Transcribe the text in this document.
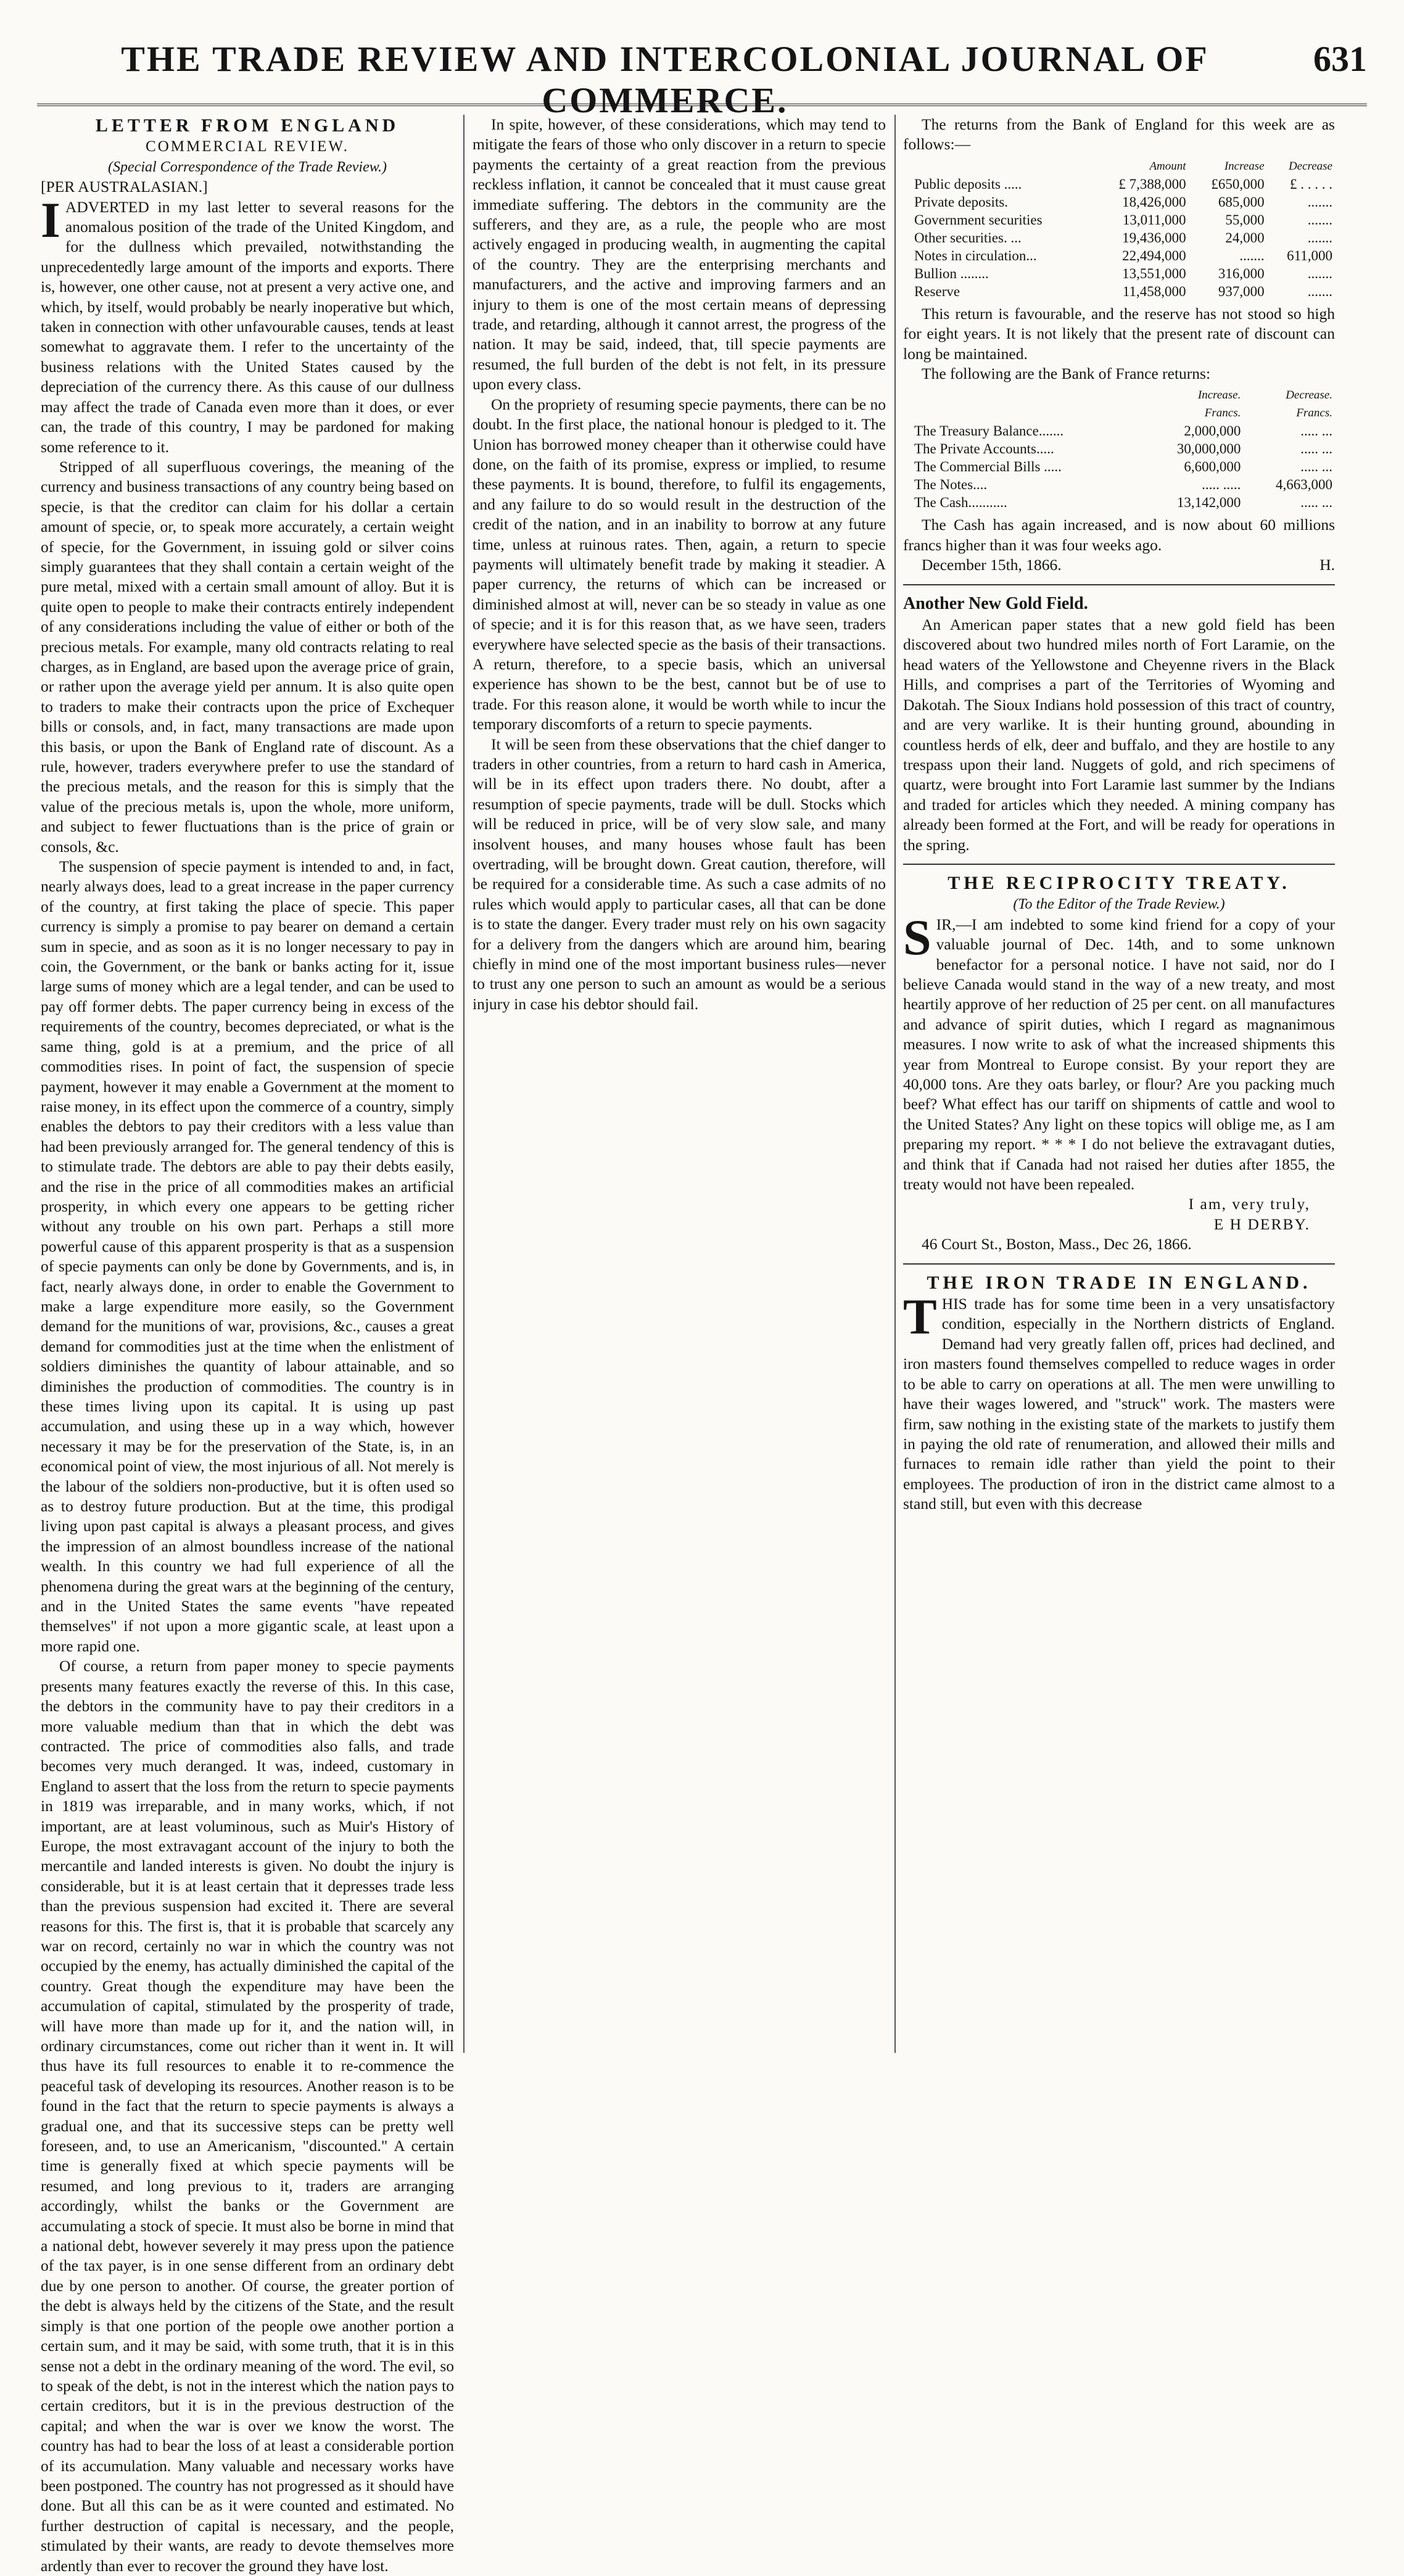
THE TRADE REVIEW AND INTERCOLONIAL JOURNAL OF COMMERCE.
631
LETTER FROM ENGLAND
COMMERCIAL REVIEW.
(Special Correspondence of the Trade Review.)

[PER AUSTRALASIAN.]

IADVERTED in my last letter to several reasons for the anomalous position of the trade of the United Kingdom, and for the dullness which prevailed, notwithstanding the unprecedentedly large amount of the imports and exports. There is, however, one other cause, not at present a very active one, and which, by itself, would probably be nearly inoperative but which, taken in connection with other unfavourable causes, tends at least somewhat to aggravate them. I refer to the uncertainty of the business relations with the United States caused by the depreciation of the currency there. As this cause of our dullness may affect the trade of Canada even more than it does, or ever can, the trade of this country, I may be pardoned for making some reference to it.

Stripped of all superfluous coverings, the meaning of the currency and business transactions of any country being based on specie, is that the creditor can claim for his dollar a certain amount of specie, or, to speak more accurately, a certain weight of specie, for the Government, in issuing gold or silver coins simply guarantees that they shall contain a certain weight of the pure metal, mixed with a certain small amount of alloy. But it is quite open to people to make their contracts entirely independent of any considerations including the value of either or both of the precious metals. For example, many old contracts relating to real charges, as in England, are based upon the average price of grain, or rather upon the average yield per annum. It is also quite open to traders to make their contracts upon the price of Exchequer bills or consols, and, in fact, many transactions are made upon this basis, or upon the Bank of England rate of discount. As a rule, however, traders everywhere prefer to use the standard of the precious metals, and the reason for this is simply that the value of the precious metals is, upon the whole, more uniform, and subject to fewer fluctuations than is the price of grain or consols, &c.

The suspension of specie payment is intended to and, in fact, nearly always does, lead to a great increase in the paper currency of the country, at first taking the place of specie. This paper currency is simply a promise to pay bearer on demand a certain sum in specie, and as soon as it is no longer necessary to pay in coin, the Government, or the bank or banks acting for it, issue large sums of money which are a legal tender, and can be used to pay off former debts. The paper currency being in excess of the requirements of the country, becomes depreciated, or what is the same thing, gold is at a premium, and the price of all commodities rises. In point of fact, the suspension of specie payment, however it may enable a Government at the moment to raise money, in its effect upon the commerce of a country, simply enables the debtors to pay their creditors with a less value than had been previously arranged for. The general tendency of this is to stimulate trade. The debtors are able to pay their debts easily, and the rise in the price of all commodities makes an artificial prosperity, in which every one appears to be getting richer without any trouble on his own part. Perhaps a still more powerful cause of this apparent prosperity is that as a suspension of specie payments can only be done by Governments, and is, in fact, nearly always done, in order to enable the Government to make a large expenditure more easily, so the Government demand for the munitions of war, provisions, &c., causes a great demand for commodities just at the time when the enlistment of soldiers diminishes the quantity of labour attainable, and so diminishes the production of commodities. The country is in these times living upon its capital. It is using up past accumulation, and using these up in a way which, however necessary it may be for the preservation of the State, is, in an economical point of view, the most injurious of all. Not merely is the labour of the soldiers non-productive, but it is often used so as to destroy future production. But at the time, this prodigal living upon past capital is always a pleasant process, and gives the impression of an almost boundless increase of the national wealth. In this country we had full experience of all the phenomena during the great wars at the beginning of the century, and in the United States the same events "have repeated themselves" if not upon a more gigantic scale, at least upon a more rapid one.

Of course, a return from paper money to specie payments presents many features exactly the reverse of this. In this case, the debtors in the community have to pay their creditors in a more valuable medium than that in which the debt was contracted. The price of commodities also falls, and trade becomes very much deranged. It was, indeed, customary in England to assert that the loss from the return to specie payments in 1819 was irreparable, and in many works, which, if not important, are at least voluminous, such as Muir's History of Europe, the most extravagant account of the injury to both the mercantile and landed interests is given. No doubt the injury is considerable, but it is at least certain that it depresses trade less than the previous suspension had excited it. There are several reasons for this. The first is, that it is probable that scarcely any war on record, certainly no war in which the country was not occupied by the enemy, has actually diminished the capital of the country. Great though the expenditure may have been the accumulation of capital, stimulated by the prosperity of trade, will have more than made up for it, and the nation will, in ordinary circumstances, come out richer than it went in. It will thus have its full resources to enable it to re-commence the peaceful task of developing its resources. Another reason is to be found in the fact that the return to specie payments is always a gradual one, and that its successive steps can be pretty well foreseen, and, to use an Americanism, "discounted." A certain time is generally fixed at which specie payments will be resumed, and long previous to it, traders are arranging accordingly, whilst the banks or the Government are accumulating a stock of specie. It must also be borne in mind that a national debt, however severely it may press upon the patience of the tax payer, is in one sense different from an ordinary debt due by one person to another. Of course, the greater portion of the debt is always held by the citizens of the State, and the result simply is that one portion of the people owe another portion a certain sum, and it may be said, with some truth, that it is in this sense not a debt in the ordinary meaning of the word. The evil, so to speak of the debt, is not in the interest which the nation pays to certain creditors, but it is in the previous destruction of the capital; and when the war is over we know the worst. The country has had to bear the loss of at least a considerable portion of its accumulation. Many valuable and necessary works have been postponed. The country has not progressed as it should have done. But all this can be as it were counted and estimated. No further destruction of capital is necessary, and the people, stimulated by their wants, are ready to devote themselves more ardently than ever to recover the ground they have lost.

In spite, however, of these considerations, which may tend to mitigate the fears of those who only discover in a return to specie payments the certainty of a great reaction from the previous reckless inflation, it cannot be concealed that it must cause great immediate suffering. The debtors in the community are the sufferers, and they are, as a rule, the people who are most actively engaged in producing wealth, in augmenting the capital of the country. They are the enterprising merchants and manufacturers, and the active and improving farmers and an injury to them is one of the most certain means of depressing trade, and retarding, although it cannot arrest, the progress of the nation. It may be said, indeed, that, till specie payments are resumed, the full burden of the debt is not felt, in its pressure upon every class.

On the propriety of resuming specie payments, there can be no doubt. In the first place, the national honour is pledged to it. The Union has borrowed money cheaper than it otherwise could have done, on the faith of its promise, express or implied, to resume these payments. It is bound, therefore, to fulfil its engagements, and any failure to do so would result in the destruction of the credit of the nation, and in an inability to borrow at any future time, unless at ruinous rates. Then, again, a return to specie payments will ultimately benefit trade by making it steadier. A paper currency, the returns of which can be increased or diminished almost at will, never can be so steady in value as one of specie; and it is for this reason that, as we have seen, traders everywhere have selected specie as the basis of their transactions. A return, therefore, to a specie basis, which an universal experience has shown to be the best, cannot but be of use to trade. For this reason alone, it would be worth while to incur the temporary discomforts of a return to specie payments.

It will be seen from these observations that the chief danger to traders in other countries, from a return to hard cash in America, will be in its effect upon traders there. No doubt, after a resumption of specie payments, trade will be dull. Stocks which will be reduced in price, will be of very slow sale, and many insolvent houses, and many houses whose fault has been overtrading, will be brought down. Great caution, therefore, will be required for a considerable time. As such a case admits of no rules which would apply to particular cases, all that can be done is to state the danger. Every trader must rely on his own sagacity for a delivery from the dangers which are around him, bearing chiefly in mind one of the most important business rules—never to trust any one person to such an amount as would be a serious injury in case his debtor should fail.

The returns from the Bank of England for this week are as follows:—

	Amount	Increase	Decrease
Public deposits .....	£ 7,388,000	£650,000	£ . . . . .
Private deposits.	18,426,000	685,000	.......
Government securities	13,011,000	55,000	.......
Other securities. ...	19,436,000	24,000	.......
Notes in circulation...	22,494,000	.......	611,000
Bullion ........	13,551,000	316,000	.......
Reserve	11,458,000	937,000	.......

This return is favourable, and the reserve has not stood so high for eight years. It is not likely that the present rate of discount can long be maintained.

The following are the Bank of France returns:

	Increase.	Decrease.
	Francs.	Francs.
The Treasury Balance.......	2,000,000	..... ...
The Private Accounts.....	30,000,000	..... ...
The Commercial Bills .....	6,600,000	..... ...
The Notes....	..... .....	4,663,000
The Cash...........	13,142,000	..... ...

The Cash has again increased, and is now about 60 millions francs higher than it was four weeks ago.

December 15th, 1866.	H.
Another New Gold Field.

An American paper states that a new gold field has been discovered about two hundred miles north of Fort Laramie, on the head waters of the Yellowstone and Cheyenne rivers in the Black Hills, and comprises a part of the Territories of Wyoming and Dakotah. The Sioux Indians hold possession of this tract of country, and are very warlike. It is their hunting ground, abounding in countless herds of elk, deer and buffalo, and they are hostile to any trespass upon their land. Nuggets of gold, and rich specimens of quartz, were brought into Fort Laramie last summer by the Indians and traded for articles which they needed. A mining company has already been formed at the Fort, and will be ready for operations in the spring.

THE RECIPROCITY TREATY.
(To the Editor of the Trade Review.)

SIR,—I am indebted to some kind friend for a copy of your valuable journal of Dec. 14th, and to some unknown benefactor for a personal notice. I have not said, nor do I believe Canada would stand in the way of a new treaty, and most heartily approve of her reduction of 25 per cent. on all manufactures and advance of spirit duties, which I regard as magnanimous measures. I now write to ask of what the increased shipments this year from Montreal to Europe consist. By your report they are 40,000 tons. Are they oats barley, or flour? Are you packing much beef? What effect has our tariff on shipments of cattle and wool to the United States? Any light on these topics will oblige me, as I am preparing my report. * * * I do not believe the extravagant duties, and think that if Canada had not raised her duties after 1855, the treaty would not have been repealed.

I am, very truly,
E H DERBY.

46 Court St., Boston, Mass., Dec 26, 1866.

THE IRON TRADE IN ENGLAND.

THIS trade has for some time been in a very unsatisfactory condition, especially in the Northern districts of England. Demand had very greatly fallen off, prices had declined, and iron masters found themselves compelled to reduce wages in order to be able to carry on operations at all. The men were unwilling to have their wages lowered, and "struck" work. The masters were firm, saw nothing in the existing state of the markets to justify them in paying the old rate of renumeration, and allowed their mills and furnaces to remain idle rather than yield the point to their employees. The production of iron in the district came almost to a stand still, but even with this decrease
